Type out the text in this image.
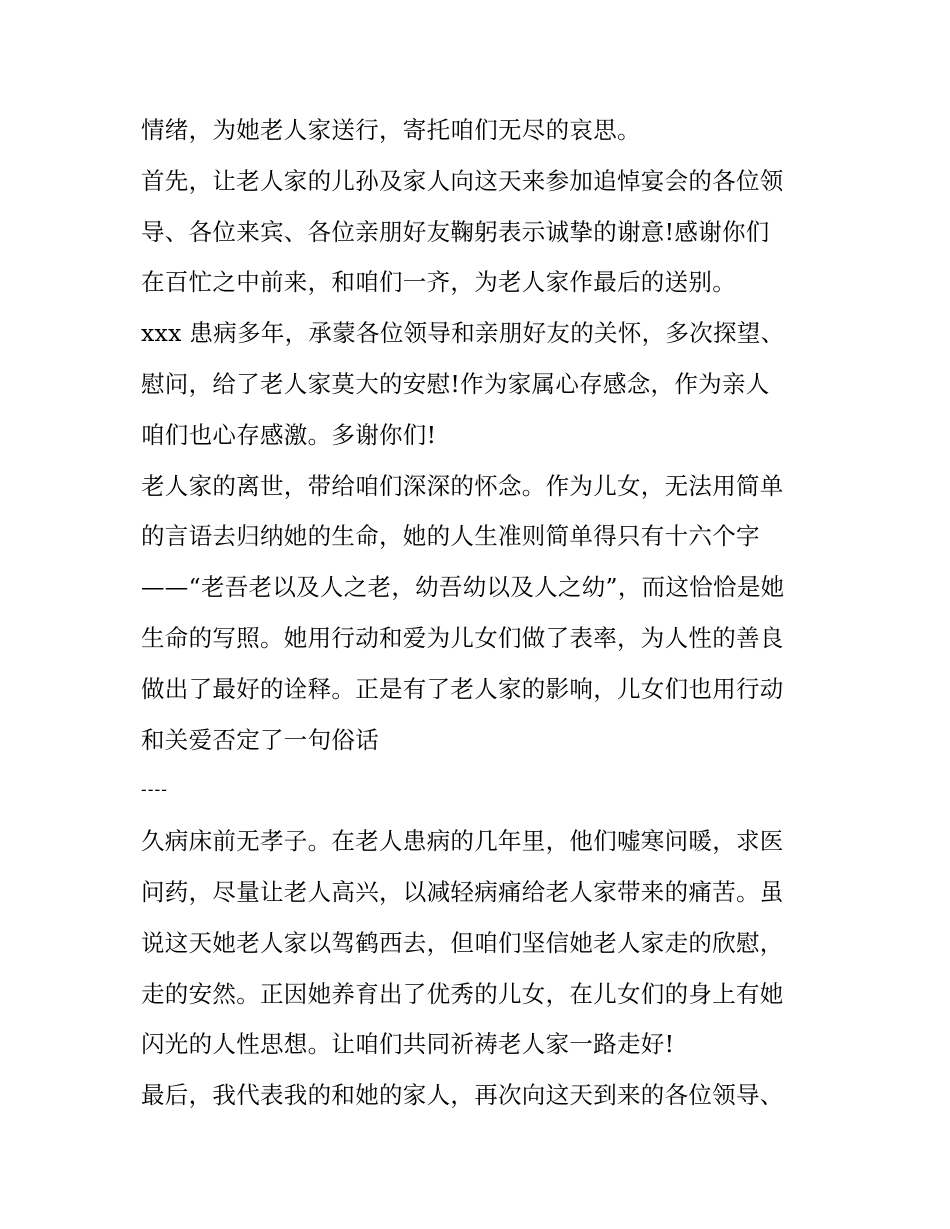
情绪，为她老人家送行，寄托咱们无尽的哀思。
首先，让老人家的儿孙及家人向这天来参加追悼宴会的各位领
导、各位来宾、各位亲朋好友鞠躬表示诚挚的谢意!感谢你们
在百忙之中前来，和咱们一齐，为老人家作最后的送别。
xxx 患病多年，承蒙各位领导和亲朋好友的关怀，多次探望、
慰问，给了老人家莫大的安慰!作为家属心存感念，作为亲人
咱们也心存感激。多谢你们!
老人家的离世，带给咱们深深的怀念。作为儿女，无法用简单
的言语去归纳她的生命，她的人生准则简单得只有十六个字
——“老吾老以及人之老，幼吾幼以及人之幼”，而这恰恰是她
生命的写照。她用行动和爱为儿女们做了表率，为人性的善良
做出了最好的诠释。正是有了老人家的影响，儿女们也用行动
和关爱否定了一句俗话
----
久病床前无孝子。在老人患病的几年里，他们嘘寒问暖，求医
问药，尽量让老人高兴，以减轻病痛给老人家带来的痛苦。虽
说这天她老人家以驾鹤西去，但咱们坚信她老人家走的欣慰，
走的安然。正因她养育出了优秀的儿女，在儿女们的身上有她
闪光的人性思想。让咱们共同祈祷老人家一路走好!
最后，我代表我的和她的家人，再次向这天到来的各位领导、
